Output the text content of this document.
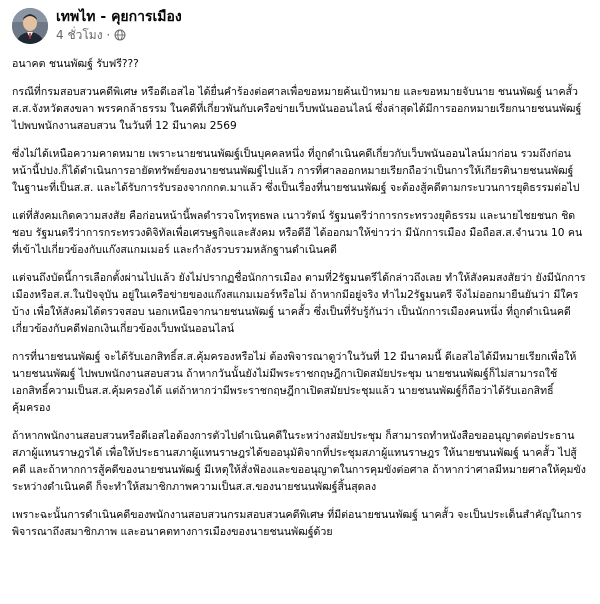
เทพไท - คุยการเมือง
4 ชั่วโมง ·

อนาคต ชนนพัฒฐ์ รับฟรี???

กรณีที่กรมสอบสวนคดีพิเศษ หรือดีเอสไอ ได้ยื่นคำร้องต่อศาลเพื่อขอหมายค้นเป้าหมาย และขอหมายจับนาย ชนนพัฒฐ์ นาคสั้ว ส.ส.จังหวัดสงขลา พรรคกล้าธรรม ในคดีที่เกี่ยวพันกับเครือข่ายเว็บพนันออนไลน์ ซึ่งล่าสุดได้มีการออกหมายเรียกนายชนนพัฒฐ์ ไปพบพนักงานสอบสวน ในวันที่ 12 มีนาคม 2569

ซึ่งไม่ได้เหนือความคาดหมาย เพราะนายชนนพัฒฐ์เป็นบุคคลหนึ่ง ที่ถูกดำเนินคดีเกี่ยวกับเว็บพนันออนไลน์มาก่อน รวมถึงก่อนหน้านี้ปปง.ก็ได้ดำเนินการอายัดทรัพย์ของนายชนนพัฒฐ์ไปแล้ว การที่ศาลออกหมายเรียกถือว่าเป็นการให้เกียรตินายชนนพัฒฐ์ ในฐานะที่เป็นส.ส. และได้รับการรับรองจากกกต.มาแล้ว ซึ่งเป็นเรื่องที่นายชนนพัฒฐ์ จะต้องสู้คดีตามกระบวนการยุติธรรมต่อไป

แต่ที่สังคมเกิดความสงสัย คือก่อนหน้านี้พลตำรวจโทรุทธพล เนาวรัตน์ รัฐมนตรีว่าการกระทรวงยุติธรรม และนายไชยชนก ชิดชอบ รัฐมนตรีว่าการกระทรวงดิจิทัลเพื่อเศรษฐกิจและสังคม หรือดีอี ได้ออกมาให้ข่าวว่า มีนักการเมือง มือถือส.ส.จำนวน 10 คน ที่เข้าไปเกี่ยวข้องกับแก๊งสแกมเมอร์ และกำลังรวบรวมหลักฐานดำเนินคดี

แต่จนถึงบัดนี้การเลือกตั้งผ่านไปแล้ว ยังไม่ปรากฏชื่อนักการเมือง ตามที่2รัฐมนตรีได้กล่าวถึงเลย ทำให้สังคมสงสัยว่า ยังมีนักการเมืองหรือส.ส.ในปัจจุบัน อยู่ในเครือข่ายของแก๊งสแกมเมอร์หรือไม่ ถ้าหากมีอยู่จริง ทำไม2รัฐมนตรี จึงไม่ออกมายืนยันว่า มีใครบ้าง เพื่อให้สังคมได้ตรวจสอบ นอกเหนือจากนายชนนพัฒฐ์ นาคสั้ว ซึ่งเป็นที่รับรู้กันว่า เป็นนักการเมืองคนหนึ่ง ที่ถูกดำเนินคดีเกี่ยวข้องกับคดีฟอกเงินเกี่ยวข้องเว็บพนันออนไลน์

การที่นายชนนพัฒฐ์ จะได้รับเอกสิทธิ์ส.ส.คุ้มครองหรือไม่ ต้องพิจารณาดูว่าในวันที่ 12 มีนาคมนี้ ดีเอสไอได้มีหมายเรียกเพื่อให้นายชนนพัฒฐ์ ไปพบพนักงานสอบสวน ถ้าหากวันนั้นยังไม่มีพระราชกฤษฎีกาเปิดสมัยประชุม นายชนนพัฒฐ์ก็ไม่สามารถใช้เอกสิทธิ์ความเป็นส.ส.คุ้มครองได้ แต่ถ้าหากว่ามีพระราชกฤษฎีกาเปิดสมัยประชุมแล้ว นายชนนพัฒฐ์ก็ถือว่าได้รับเอกสิทธิ์คุ้มครอง

ถ้าหากพนักงานสอบสวนหรือดีเอสไอต้องการตัวไปดำเนินคดีในระหว่างสมัยประชุม ก็สามารถทำหนังสือขออนุญาตต่อประธานสภาผู้แทนราษฎรได้ เพื่อให้ประธานสภาผู้แทนราษฎรได้ขออนุมัติจากที่ประชุมสภาผู้แทนราษฎร ให้นายชนนพัฒฐ์ นาคสั้ว ไปสู้คดี และถ้าหากการสู้คดีของนายชนนพัฒฐ์ มีเหตุให้สั่งฟ้องและขออนุญาตในการคุมขังต่อศาล ถ้าหากว่าศาลมีหมายศาลให้คุมขังระหว่างดำเนินคดี ก็จะทำให้สมาชิกภาพความเป็นส.ส.ของนายชนนพัฒฐ์สิ้นสุดลง

เพราะฉะนั้นการดำเนินคดีของพนักงานสอบสวนกรมสอบสวนคดีพิเศษ ที่มีต่อนายชนนพัฒฐ์ นาคสั้ว จะเป็นประเด็นสำคัญในการพิจารณาถึงสมาชิกภาพ และอนาคตทางการเมืองของนายชนนพัฒฐ์ด้วย
